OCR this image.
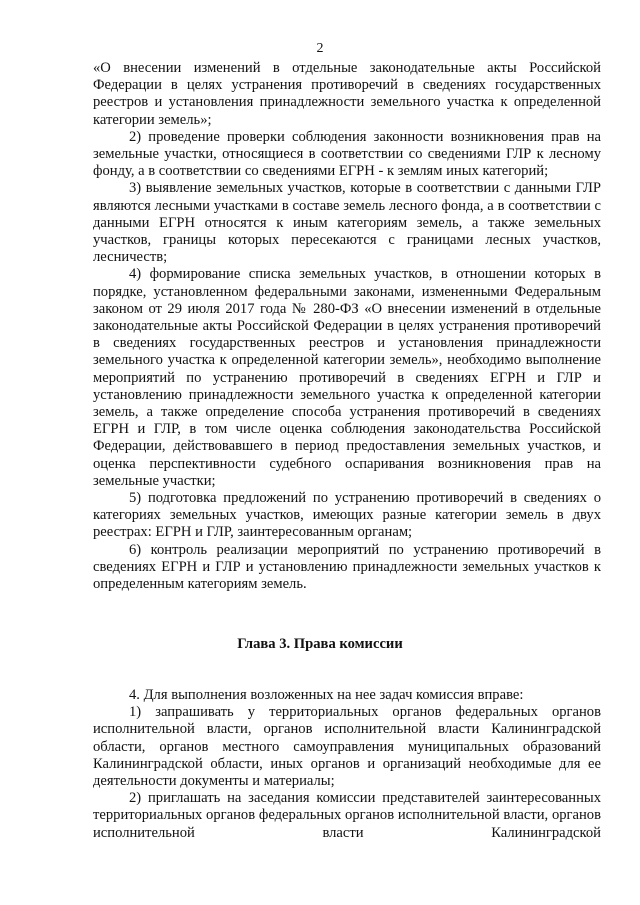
2

«О внесении изменений в отдельные законодательные акты Российской Федерации в целях устранения противоречий в сведениях государственных реестров и установления принадлежности земельного участка к определенной категории земель»;

2) проведение проверки соблюдения законности возникновения прав на земельные участки, относящиеся в соответствии со сведениями ГЛР к лесному фонду, а в соответствии со сведениями ЕГРН - к землям иных категорий;

3) выявление земельных участков, которые в соответствии с данными ГЛР являются лесными участками в составе земель лесного фонда, а в соответствии с данными ЕГРН относятся к иным категориям земель, а также земельных участков, границы которых пересекаются с границами лесных участков, лесничеств;

4) формирование списка земельных участков, в отношении которых в порядке, установленном федеральными законами, измененными Федеральным законом от 29 июля 2017 года № 280-ФЗ «О внесении изменений в отдельные законодательные акты Российской Федерации в целях устранения противоречий в сведениях государственных реестров и установления принадлежности земельного участка к определенной категории земель», необходимо выполнение мероприятий по устранению противоречий в сведениях ЕГРН и ГЛР и установлению принадлежности земельного участка к определенной категории земель, а также определение способа устранения противоречий в сведениях ЕГРН и ГЛР, в том числе оценка соблюдения законодательства Российской Федерации, действовавшего в период предоставления земельных участков, и оценка перспективности судебного оспаривания возникновения прав на земельные участки;

5) подготовка предложений по устранению противоречий в сведениях о категориях земельных участков, имеющих разные категории земель в двух реестрах: ЕГРН и ГЛР, заинтересованным органам;

6) контроль реализации мероприятий по устранению противоречий в сведениях ЕГРН и ГЛР и установлению принадлежности земельных участков к определенным категориям земель.

Глава 3. Права комиссии

4. Для выполнения возложенных на нее задач комиссия вправе:

1) запрашивать у территориальных органов федеральных органов исполнительной власти, органов исполнительной власти Калининградской области, органов местного самоуправления муниципальных образований Калининградской области, иных органов и организаций необходимые для ее деятельности документы и материалы;

2) приглашать на заседания комиссии представителей заинтересованных территориальных органов федеральных органов исполнительной власти, органов исполнительной власти Калининградской
